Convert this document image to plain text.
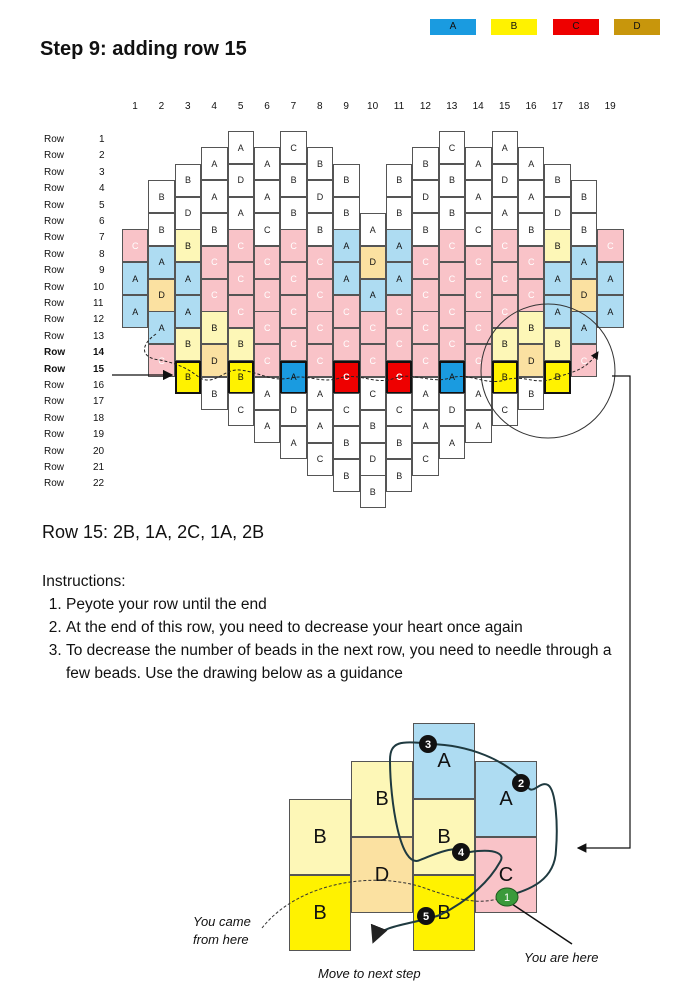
A	B	C	D
Step 9: adding row 15
1	2	3	4	5	6	7	8	9	10	11	12	13	14	15	16	17	18	19
Row	1
Row	2
Row	3
Row	4
Row	5
Row	6
Row	7
Row	8
Row	9
Row	10
Row	11
Row	12
Row	13
Row	14
Row	15
Row	16
Row	17
Row	18
Row	19
Row	20
Row	21
Row	22
A	C	C	A
A	A	B	B	A	A
B	D	B	B	B	B	D	B
B	A	A	D	D	A	A	B
D	A	B	B	B	B	A	D
B	B	C	B	A	B	C	B	B
C	B	C	C	A	A	C	C	B	C
A	C	C	C	D	C	C	C	A
A	A	C	C	A	A	C	C	A	A
D	C	C	C	A	C	C	C	D
A	A	C	C	C	C	C	C	A	A
A	B	C	C	C	C	C	B	A
B	B	C	C	C	C	B	B
C	D	C	C	C	C	C	D	C
B	B	A	C	C	A	B	B
B	A	A	C	A	A	B
C	D	C	C	D	C
A	A	B	A	A
A	B	B	A
C	D	C
B	B
B
Row 15: 2B, 1A, 2C, 1A, 2B
Instructions:
1. Peyote your row until the end
2. At the end of this row, you need to decrease your heart once again
3. To decrease the number of beads in the next row, you need to needle through a few beads. Use the drawing below as a guidance
B
B
B
D
A
B
B
A
C
1
2
3
4
5
You came from here
You are here
Move to next step
